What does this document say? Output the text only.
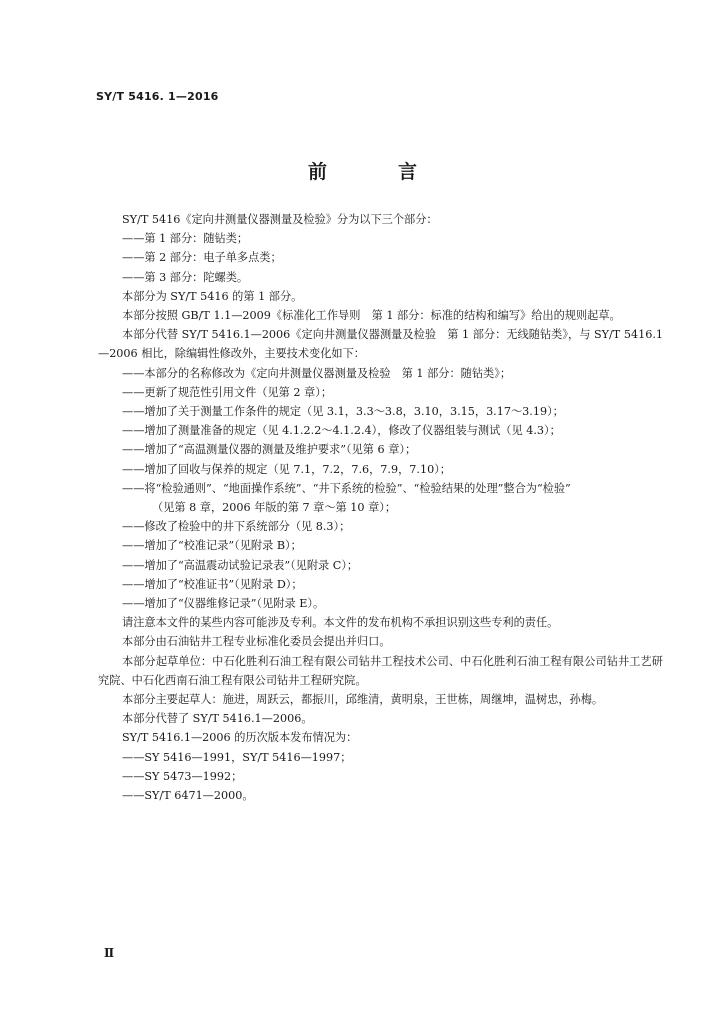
SY/T 5416. 1—2016
前　言

SY/T 5416《定向井测量仪器测量及检验》分为以下三个部分：

——第 1 部分：随钻类；

——第 2 部分：电子单多点类；

——第 3 部分：陀螺类。

本部分为 SY/T 5416 的第 1 部分。

本部分按照 GB/T 1.1—2009《标准化工作导则　第 1 部分：标准的结构和编写》给出的规则起草。

本部分代替 SY/T 5416.1—2006《定向井测量仪器测量及检验　第 1 部分：无线随钻类》，与 SY/T 5416.1—2006 相比，除编辑性修改外，主要技术变化如下：

——本部分的名称修改为《定向井测量仪器测量及检验　第 1 部分：随钻类》；

——更新了规范性引用文件（见第 2 章）；

——增加了关于测量工作条件的规定（见 3.1，3.3～3.8，3.10，3.15，3.17～3.19）；

——增加了测量准备的规定（见 4.1.2.2～4.1.2.4），修改了仪器组装与测试（见 4.3）；

——增加了“高温测量仪器的测量及维护要求”（见第 6 章）；

——增加了回收与保养的规定（见 7.1，7.2，7.6，7.9，7.10）；

——将“检验通则”、“地面操作系统”、“井下系统的检验”、“检验结果的处理”整合为“检验”

（见第 8 章，2006 年版的第 7 章～第 10 章）；

——修改了检验中的井下系统部分（见 8.3）；

——增加了“校准记录”（见附录 B）；

——增加了“高温震动试验记录表”（见附录 C）；

——增加了“校准证书”（见附录 D）；

——增加了“仪器维修记录”（见附录 E）。

请注意本文件的某些内容可能涉及专利。本文件的发布机构不承担识别这些专利的责任。

本部分由石油钻井工程专业标准化委员会提出并归口。

本部分起草单位：中石化胜利石油工程有限公司钻井工程技术公司、中石化胜利石油工程有限公司钻井工艺研究院、中石化西南石油工程有限公司钻井工程研究院。

本部分主要起草人：施进，周跃云，都振川，邱维清，黄明泉，王世栋，周继坤，温树忠，孙梅。

本部分代替了 SY/T 5416.1—2006。

SY/T 5416.1—2006 的历次版本发布情况为：

——SY 5416—1991，SY/T 5416—1997；

——SY 5473—1992；

——SY/T 6471—2000。

Ⅱ
